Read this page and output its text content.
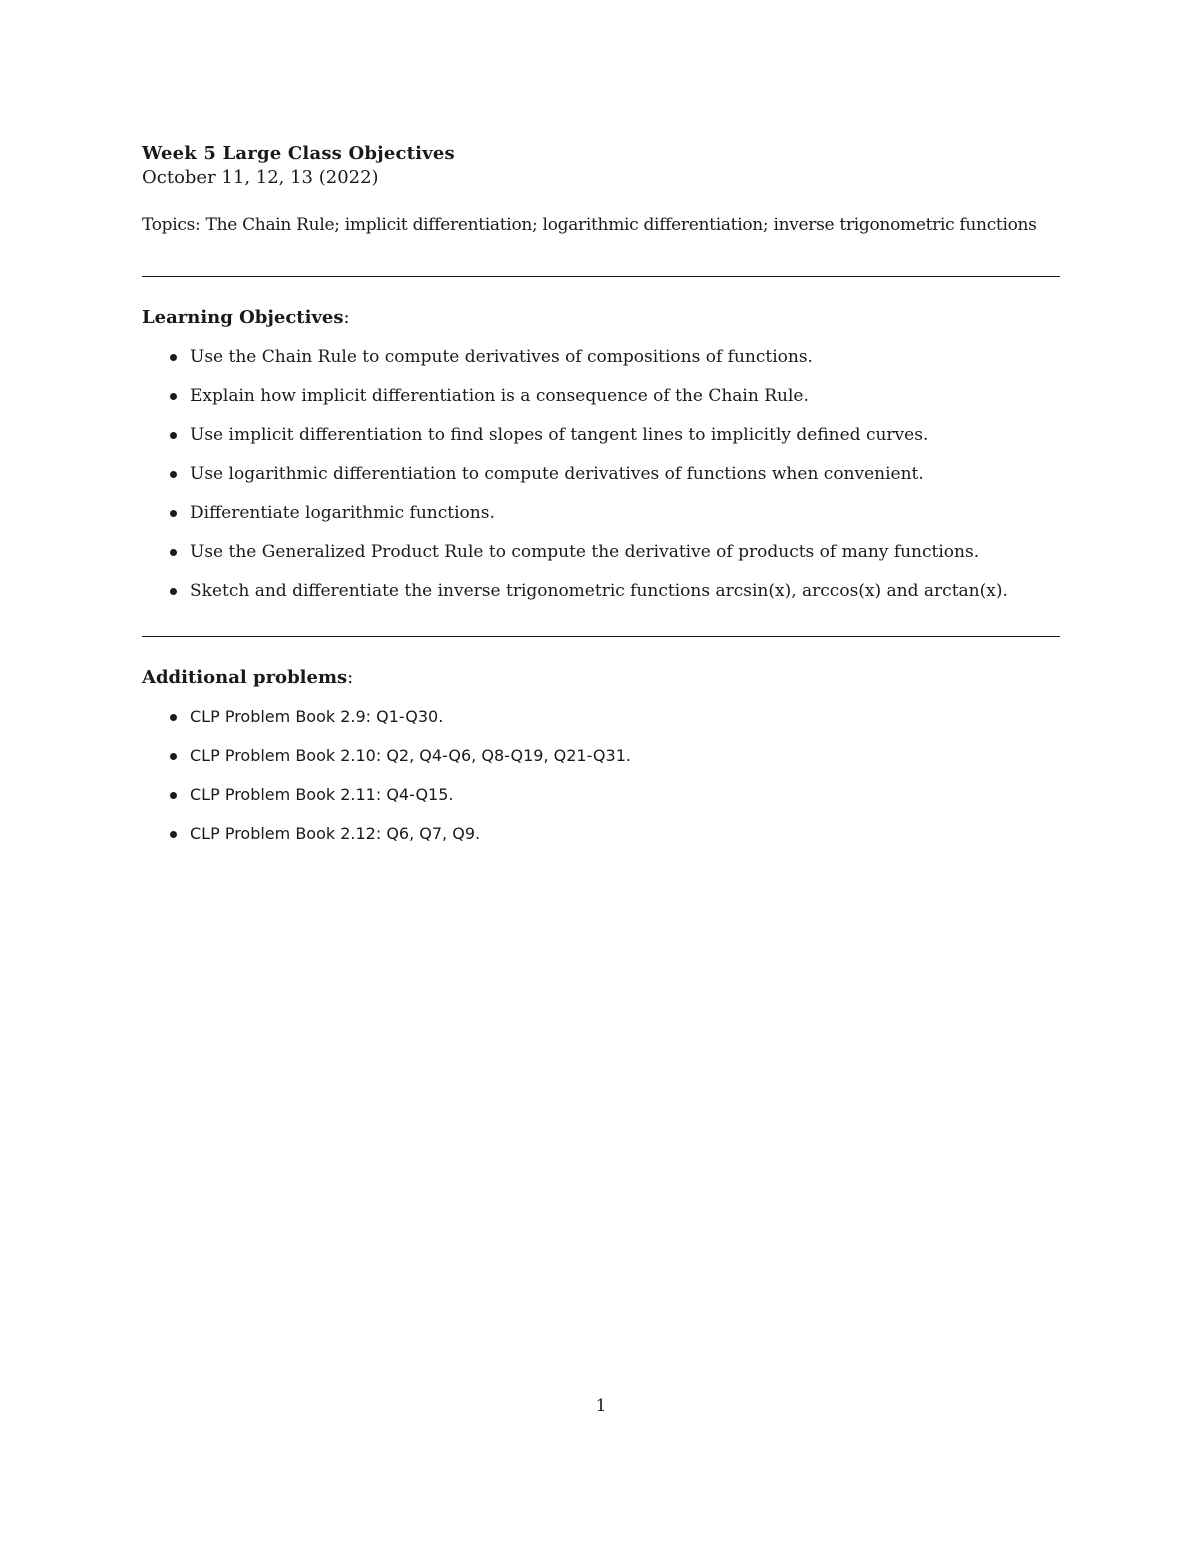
Week 5 Large Class Objectives
October 11, 12, 13 (2022)
Topics: The Chain Rule; implicit differentiation; logarithmic differentiation; inverse trigonometric functions
Learning Objectives:
Use the Chain Rule to compute derivatives of compositions of functions.
Explain how implicit differentiation is a consequence of the Chain Rule.
Use implicit differentiation to find slopes of tangent lines to implicitly defined curves.
Use logarithmic differentiation to compute derivatives of functions when convenient.
Differentiate logarithmic functions.
Use the Generalized Product Rule to compute the derivative of products of many functions.
Sketch and differentiate the inverse trigonometric functions arcsin(x), arccos(x) and arctan(x).
Additional problems:
CLP Problem Book 2.9: Q1-Q30.
CLP Problem Book 2.10: Q2, Q4-Q6, Q8-Q19, Q21-Q31.
CLP Problem Book 2.11: Q4-Q15.
CLP Problem Book 2.12: Q6, Q7, Q9.
1
